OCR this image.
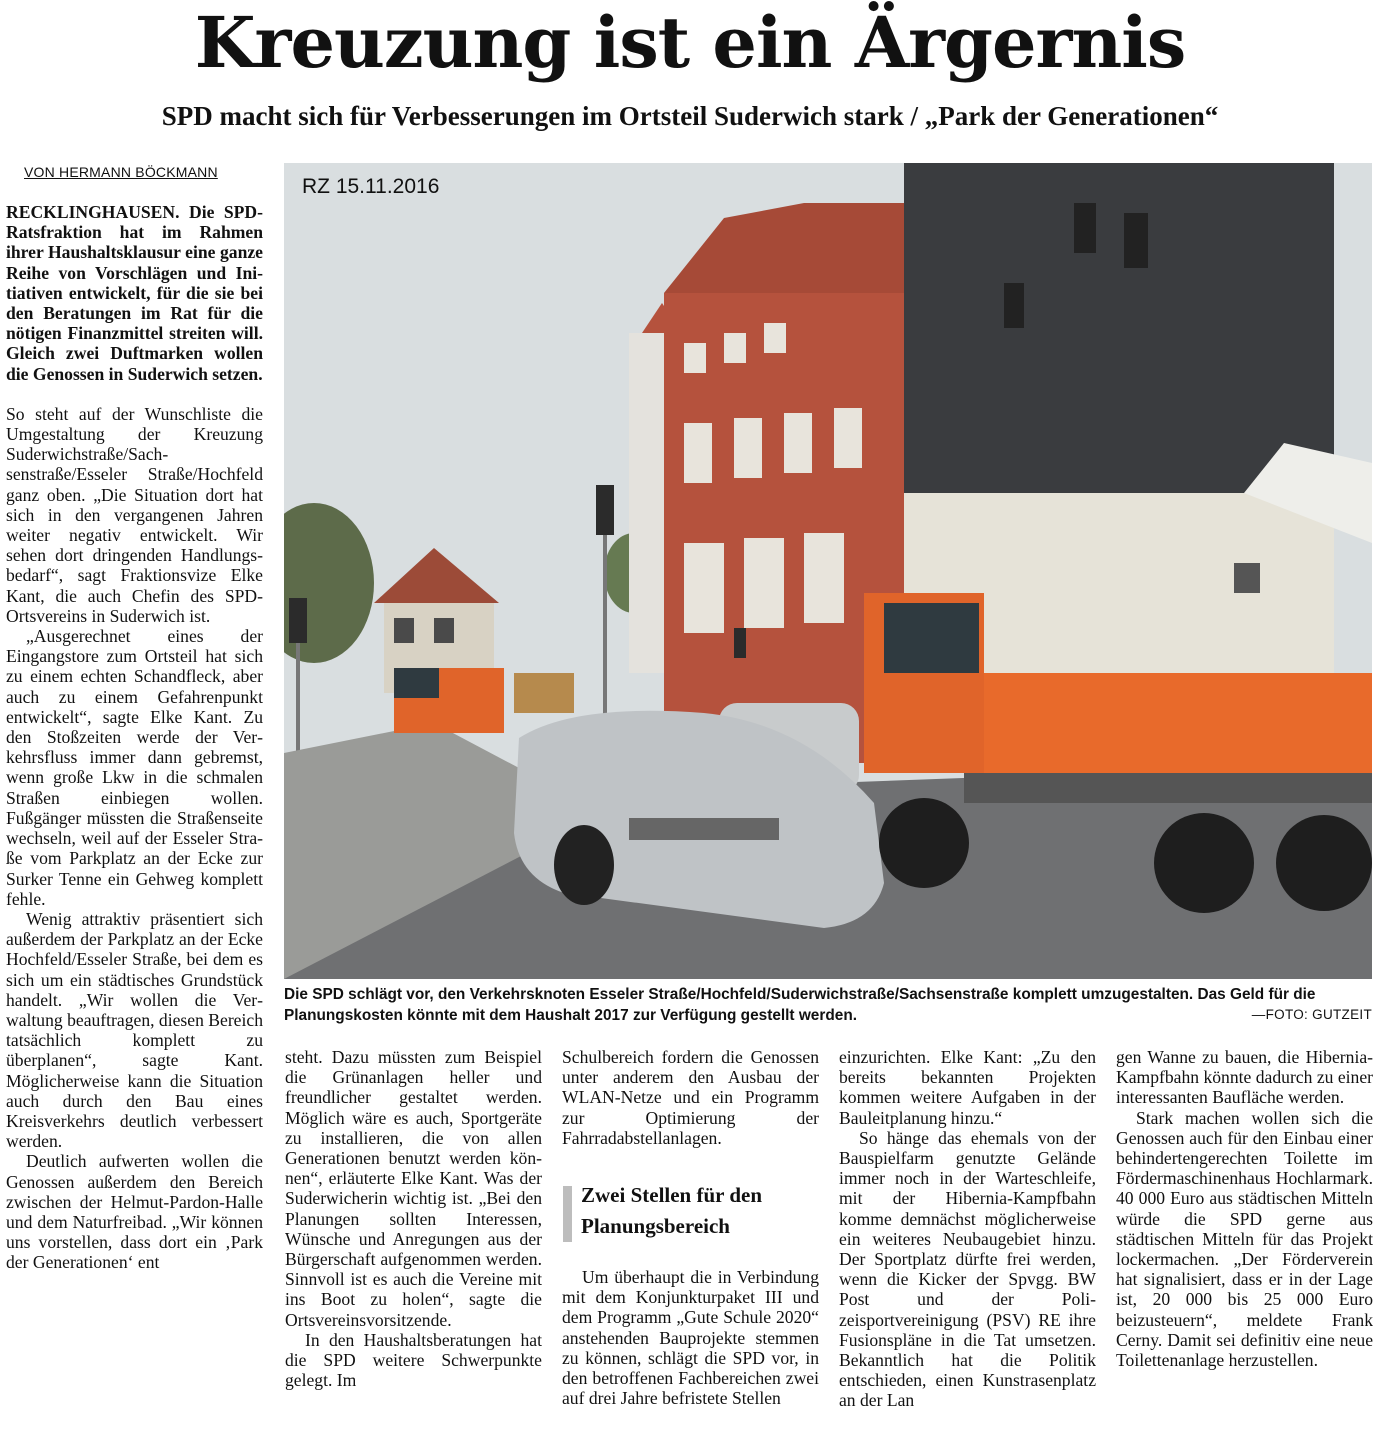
Kreuzung ist ein Ärgernis
SPD macht sich für Verbesserungen im Ortsteil Suderwich stark / „Park der Generationen“
VON HERMANN BÖCKMANN
RZ 15.11.2016

RECKLINGHAUSEN. Die SPD-Ratsfraktion hat im Rahmen ihrer Haushaltsklausur eine ganze Reihe von Vorschlägen und Initiativen entwickelt, für die sie bei den Beratungen im Rat für die nötigen Finanzmittel streiten will. Gleich zwei Duftmarken wollen die Genossen in Suderwich setzen.

So steht auf der Wunschliste die Umgestaltung der Kreuzung Suderwichstraße/Sachsenstraße/Esseler Straße/Hochfeld ganz oben. „Die Situation dort hat sich in den vergangenen Jahren weiter negativ entwickelt. Wir sehen dort dringenden Handlungsbedarf“, sagt Fraktionsvize Elke Kant, die auch Chefin des SPD-Ortsvereins in Suderwich ist.

„Ausgerechnet eines der Eingangstore zum Ortsteil hat sich zu einem echten Schandfleck, aber auch zu einem Gefahrenpunkt entwickelt“, sagte Elke Kant. Zu den Stoßzeiten werde der Verkehrsfluss immer dann gebremst, wenn große Lkw in die schmalen Straßen einbiegen wollen. Fußgänger müssten die Straßenseite wechseln, weil auf der Esseler Straße vom Parkplatz an der Ecke zur Surker Tenne ein Gehweg komplett fehle.

Wenig attraktiv präsentiert sich außerdem der Parkplatz an der Ecke Hochfeld/Esseler Straße, bei dem es sich um ein städtisches Grundstück handelt. „Wir wollen die Verwaltung beauftragen, diesen Bereich tatsächlich komplett zu überplanen“, sagte Kant. Möglicherweise kann die Situation auch durch den Bau eines Kreisverkehrs deutlich verbessert werden.

Deutlich aufwerten wollen die Genossen außerdem den Bereich zwischen der Helmut-Pardon-Halle und dem Naturfreibad. „Wir können uns vorstellen, dass dort ein ‚Park der Generationen‘ ent

Die SPD schlägt vor, den Verkehrsknoten Esseler Straße/Hochfeld/Suderwichstraße/Sachsenstraße komplett umzugestalten. Das Geld für die Planungskosten könnte mit dem Haushalt 2017 zur Verfügung gestellt werden.	—FOTO: GUTZEIT

steht. Dazu müssten zum Beispiel die Grünanlagen heller und freundlicher gestaltet werden. Möglich wäre es auch, Sportgeräte zu installieren, die von allen Generationen benutzt werden können“, erläuterte Elke Kant. Was der Suderwicherin wichtig ist. „Bei den Planungen sollten Interessen, Wünsche und Anregungen aus der Bürgerschaft aufgenommen werden. Sinnvoll ist es auch die Vereine mit ins Boot zu holen“, sagte die Ortsvereinsvorsitzende.

In den Haushaltsberatungen hat die SPD weitere Schwerpunkte gelegt. Im

Schulbereich fordern die Genossen unter anderem den Ausbau der WLAN-Netze und ein Programm zur Optimierung der Fahrradabstellanlagen.

Zwei Stellen für den Planungsbereich

Um überhaupt die in Verbindung mit dem Konjunkturpaket III und dem Programm „Gute Schule 2020“ anstehenden Bauprojekte stemmen zu können, schlägt die SPD vor, in den betroffenen Fachbereichen zwei auf drei Jahre befristete Stellen

einzurichten. Elke Kant: „Zu den bereits bekannten Projekten kommen weitere Aufgaben in der Bauleitplanung hinzu.“

So hänge das ehemals von der Bauspielfarm genutzte Gelände immer noch in der Warteschleife, mit der Hibernia-Kampfbahn komme demnächst möglicherweise ein weiteres Neubaugebiet hinzu. Der Sportplatz dürfte frei werden, wenn die Kicker der Spvgg. BW Post und der Polizeisportvereinigung (PSV) RE ihre Fusionspläne in die Tat umsetzen. Bekanntlich hat die Politik entschieden, einen Kunstrasenplatz an der Lan

gen Wanne zu bauen, die Hibernia-Kampfbahn könnte dadurch zu einer interessanten Baufläche werden.

Stark machen wollen sich die Genossen auch für den Einbau einer behindertengerechten Toilette im Fördermaschinenhaus Hochlarmark. 40 000 Euro aus städtischen Mitteln würde die SPD gerne aus städtischen Mitteln für das Projekt lockermachen. „Der Förderverein hat signalisiert, dass er in der Lage ist, 20 000 bis 25 000 Euro beizusteuern“, meldete Frank Cerny. Damit sei definitiv eine neue Toilettenanlage herzustellen.
